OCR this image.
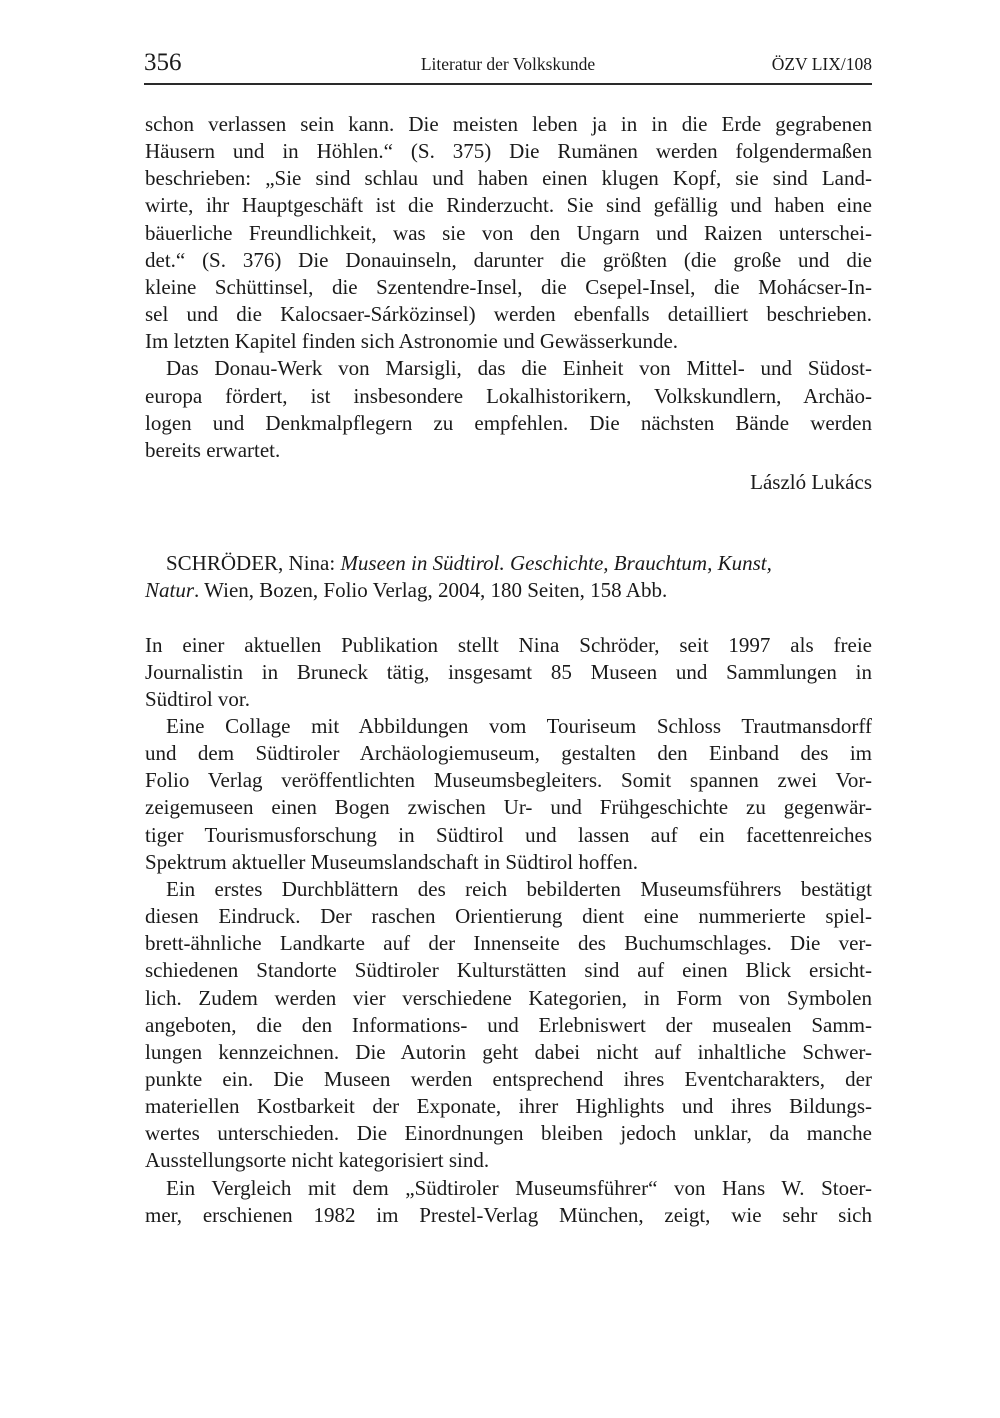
356	Literatur der Volkskunde	ÖZV LIX/108

schon verlassen sein kann. Die meisten leben ja in in die Erde gegrabenen
Häusern und in Höhlen.“ (S. 375) Die Rumänen werden folgendermaßen
beschrieben: „Sie sind schlau und haben einen klugen Kopf, sie sind Land-
wirte, ihr Hauptgeschäft ist die Rinderzucht. Sie sind gefällig und haben eine
bäuerliche Freundlichkeit, was sie von den Ungarn und Raizen unterschei-
det.“ (S. 376) Die Donauinseln, darunter die größten (die große und die
kleine Schüttinsel, die Szentendre-Insel, die Csepel-Insel, die Mohácser-In-
sel und die Kalocsaer-Sárközinsel) werden ebenfalls detailliert beschrieben.
Im letzten Kapitel finden sich Astronomie und Gewässerkunde.

Das Donau-Werk von Marsigli, das die Einheit von Mittel- und Südost-
europa fördert, ist insbesondere Lokalhistorikern, Volkskundlern, Archäo-
logen und Denkmalpflegern zu empfehlen. Die nächsten Bände werden
bereits erwartet.

László Lukács

SCHRÖDER, Nina: Museen in Südtirol. Geschichte, Brauchtum, Kunst,
Natur. Wien, Bozen, Folio Verlag, 2004, 180 Seiten, 158 Abb.

In einer aktuellen Publikation stellt Nina Schröder, seit 1997 als freie
Journalistin in Bruneck tätig, insgesamt 85 Museen und Sammlungen in
Südtirol vor.

Eine Collage mit Abbildungen vom Touriseum Schloss Trautmansdorff
und dem Südtiroler Archäologiemuseum, gestalten den Einband des im
Folio Verlag veröffentlichten Museumsbegleiters. Somit spannen zwei Vor-
zeigemuseen einen Bogen zwischen Ur- und Frühgeschichte zu gegenwär-
tiger Tourismusforschung in Südtirol und lassen auf ein facettenreiches
Spektrum aktueller Museumslandschaft in Südtirol hoffen.

Ein erstes Durchblättern des reich bebilderten Museumsführers bestätigt
diesen Eindruck. Der raschen Orientierung dient eine nummerierte spiel-
brett-ähnliche Landkarte auf der Innenseite des Buchumschlages. Die ver-
schiedenen Standorte Südtiroler Kulturstätten sind auf einen Blick ersicht-
lich. Zudem werden vier verschiedene Kategorien, in Form von Symbolen
angeboten, die den Informations- und Erlebniswert der musealen Samm-
lungen kennzeichnen. Die Autorin geht dabei nicht auf inhaltliche Schwer-
punkte ein. Die Museen werden entsprechend ihres Eventcharakters, der
materiellen Kostbarkeit der Exponate, ihrer Highlights und ihres Bildungs-
wertes unterschieden. Die Einordnungen bleiben jedoch unklar, da manche
Ausstellungsorte nicht kategorisiert sind.

Ein Vergleich mit dem „Südtiroler Museumsführer“ von Hans W. Stoer-
mer, erschienen 1982 im Prestel-Verlag München, zeigt, wie sehr sich
